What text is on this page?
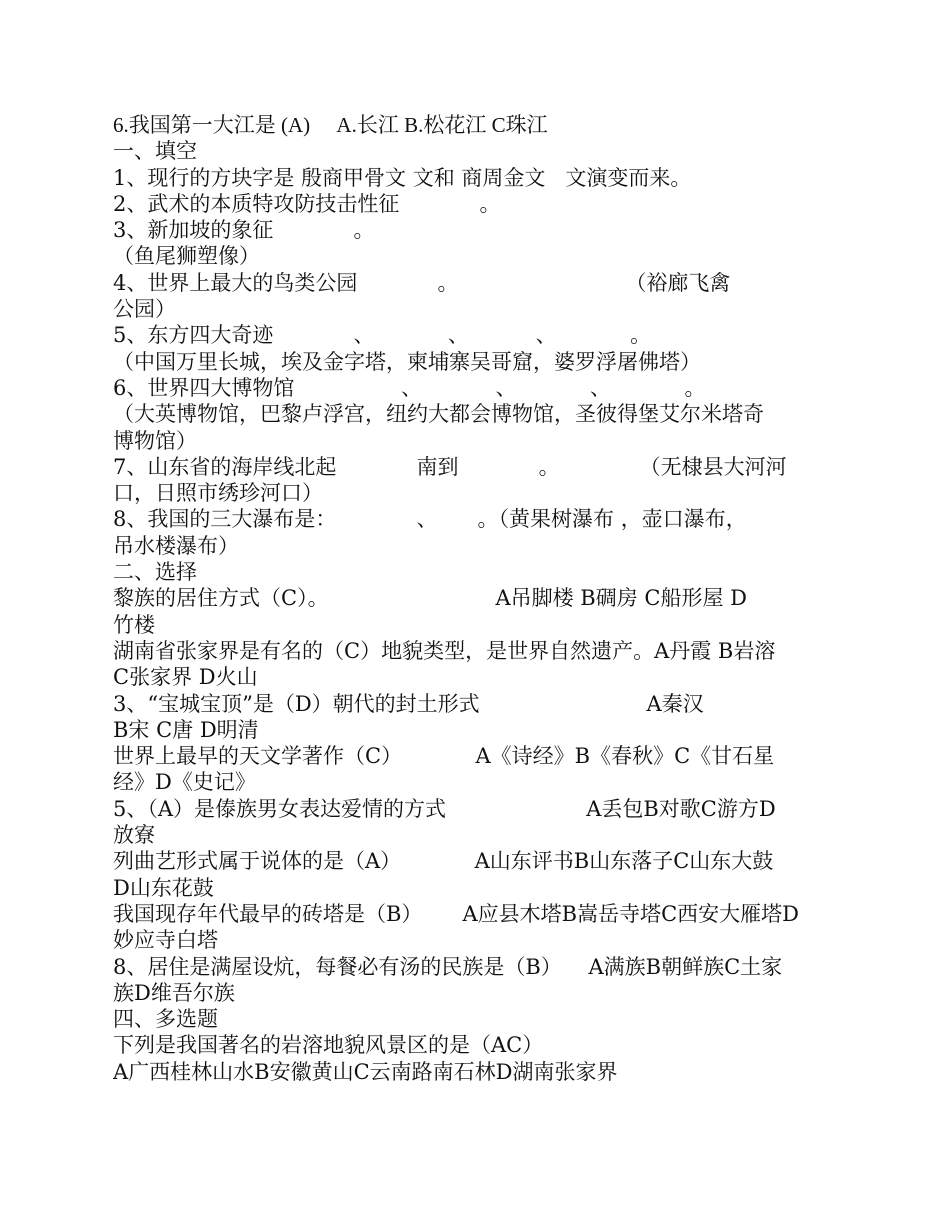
6.我国第一大江是 (A)     A.长江 B.松花江 C珠江
一、填空
1、现行的方块字是 殷商甲骨文 文和 商周金文   文演变而来。
2、武术的本质特攻防技击性征            。
3、新加坡的象征            。
（鱼尾狮塑像）
4、世界上最大的鸟类公园            。                         （裕廊飞禽
公园）
5、东方四大奇迹            、           、          、           。
（中国万里长城，埃及金字塔，柬埔寨吴哥窟，婆罗浮屠佛塔）
6、世界四大博物馆                、           、           、           。
（大英博物馆，巴黎卢浮宫，纽约大都会博物馆，圣彼得堡艾尔米塔奇
博物馆）
7、山东省的海岸线北起            南到            。            （无棣县大河河
口，日照市绣珍河口）
8、我国的三大瀑布是：            、      。（黄果树瀑布 ，壶口瀑布，
吊水楼瀑布）
二、选择
黎族的居住方式（C）。                         A吊脚楼 B碉房 C船形屋 D
竹楼
湖南省张家界是有名的（C）地貌类型，是世界自然遗产。A丹霞 B岩溶
C张家界 D火山
3、“宝城宝顶”是（D）朝代的封土形式                         A秦汉
B宋 C唐 D明清
世界上最早的天文学著作（C）           A《诗经》B《春秋》C《甘石星
经》D《史记》
5、（A）是傣族男女表达爱情的方式                     A丢包B对歌C游方D
放寮
列曲艺形式属于说体的是（A）           A山东评书B山东落子C山东大鼓
D山东花鼓
我国现存年代最早的砖塔是（B）      A应县木塔B嵩岳寺塔C西安大雁塔D
妙应寺白塔
8、居住是满屋设炕，每餐必有汤的民族是（B）    A满族B朝鲜族C土家
族D维吾尔族
四、多选题
下列是我国著名的岩溶地貌风景区的是（AC）
A广西桂林山水B安徽黄山C云南路南石林D湖南张家界
